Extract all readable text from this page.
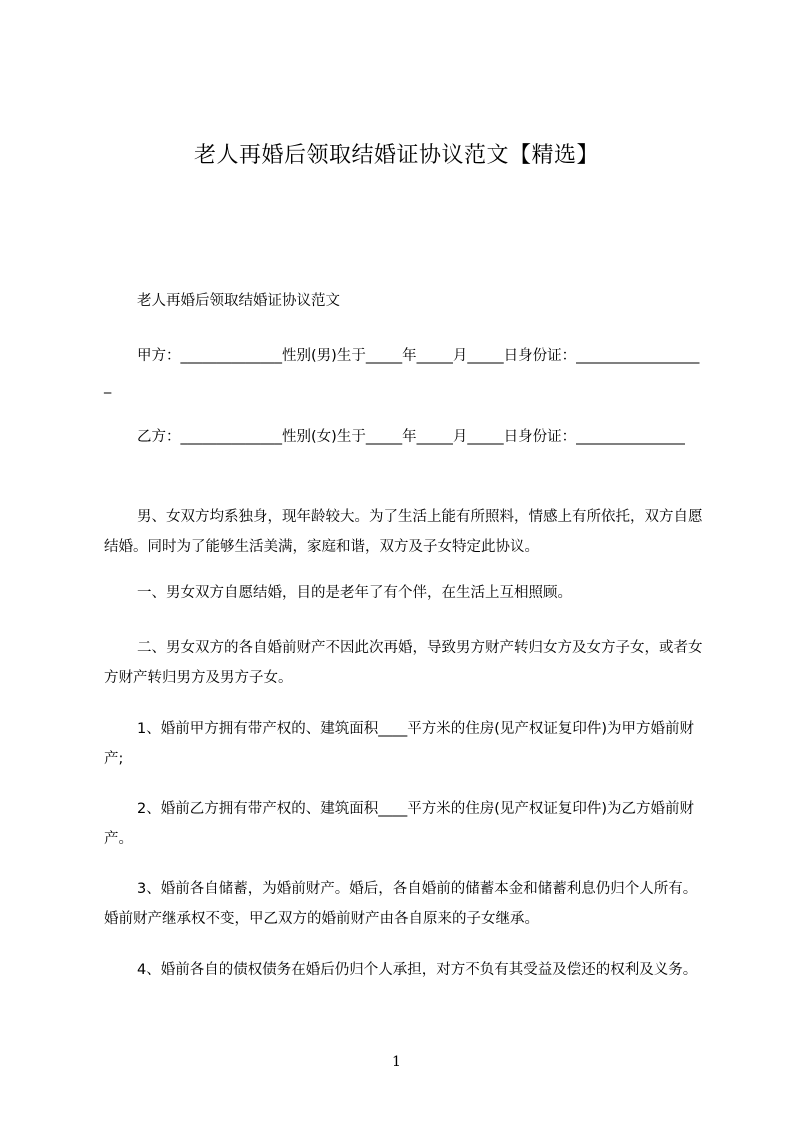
老人再婚后领取结婚证协议范文【精选】
老人再婚后领取结婚证协议范文
甲方：______________性别(男)生于_____年_____月_____日身份证：__________________
乙方：______________性别(女)生于_____年_____月_____日身份证：_______________
男、女双方均系独身，现年龄较大。为了生活上能有所照料，情感上有所依托，双方自愿结婚。同时为了能够生活美满，家庭和谐，双方及子女特定此协议。
一、男女双方自愿结婚，目的是老年了有个伴，在生活上互相照顾。
二、男女双方的各自婚前财产不因此次再婚，导致男方财产转归女方及女方子女，或者女方财产转归男方及男方子女。
1、婚前甲方拥有带产权的、建筑面积____平方米的住房(见产权证复印件)为甲方婚前财产;
2、婚前乙方拥有带产权的、建筑面积____平方米的住房(见产权证复印件)为乙方婚前财产。
3、婚前各自储蓄，为婚前财产。婚后，各自婚前的储蓄本金和储蓄利息仍归个人所有。婚前财产继承权不变，甲乙双方的婚前财产由各自原来的子女继承。
4、婚前各自的债权债务在婚后仍归个人承担，对方不负有其受益及偿还的权利及义务。
1
